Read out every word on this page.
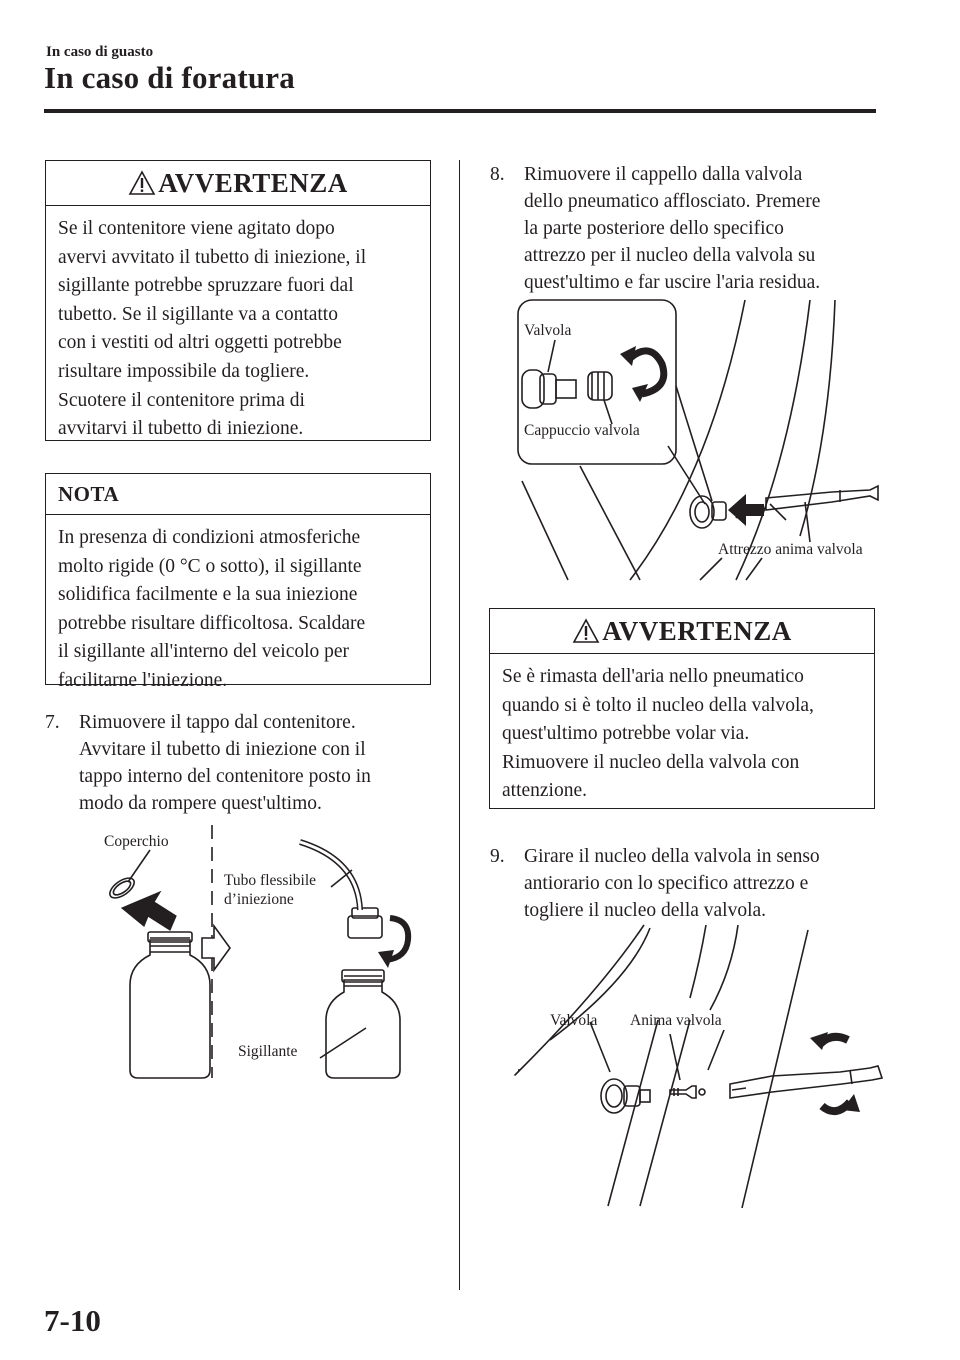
In caso di guasto
In caso di foratura
AVVERTENZA
Se il contenitore viene agitato dopo
avervi avvitato il tubetto di iniezione, il
sigillante potrebbe spruzzare fuori dal
tubetto. Se il sigillante va a contatto
con i vestiti od altri oggetti potrebbe
risultare impossibile da togliere.
Scuotere il contenitore prima di
avvitarvi il tubetto di iniezione.
NOTA
In presenza di condizioni atmosferiche
molto rigide (0 °C o sotto), il sigillante
solidifica facilmente e la sua iniezione
potrebbe risultare difficoltosa. Scaldare
il sigillante all'interno del veicolo per
facilitarne l'iniezione.
7. Rimuovere il tappo dal contenitore.
Avvitare il tubetto di iniezione con il
tappo interno del contenitore posto in
modo da rompere quest'ultimo.
Coperchio
Tubo flessibile
d’iniezione
Sigillante
8. Rimuovere il cappello dalla valvola
dello pneumatico afflosciato. Premere
la parte posteriore dello specifico
attrezzo per il nucleo della valvola su
quest'ultimo e far uscire l'aria residua.
Valvola
Cappuccio valvola
Attrezzo anima valvola
AVVERTENZA
Se è rimasta dell'aria nello pneumatico
quando si è tolto il nucleo della valvola,
quest'ultimo potrebbe volar via.
Rimuovere il nucleo della valvola con
attenzione.
9. Girare il nucleo della valvola in senso
antiorario con lo specifico attrezzo e
togliere il nucleo della valvola.
Valvola Anima valvola
7-10
